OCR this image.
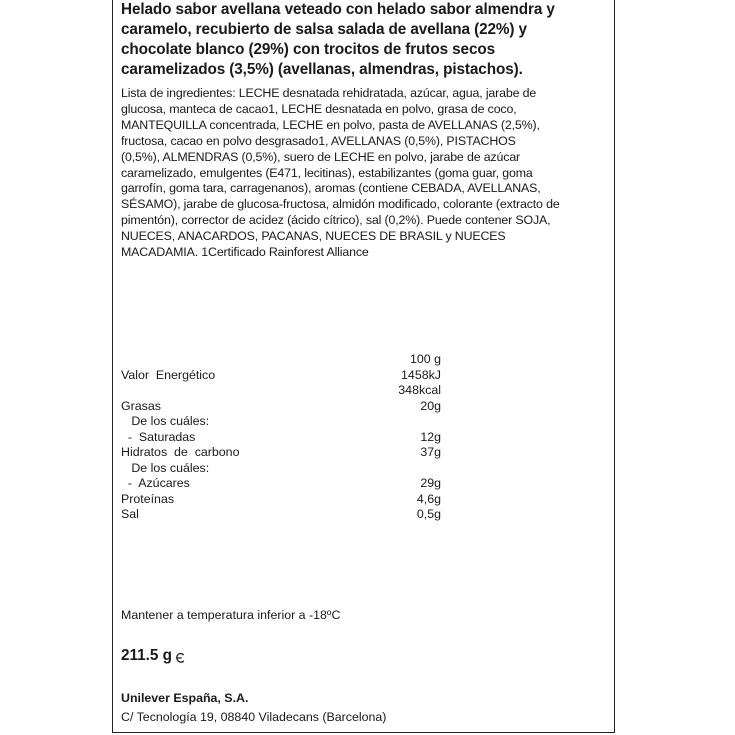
Helado sabor avellana veteado con helado sabor almendra y
caramelo, recubierto de salsa salada de avellana (22%) y
chocolate blanco (29%) con trocitos de frutos secos
caramelizados (3,5%) (avellanas, almendras, pistachos).
Lista de ingredientes: LECHE desnatada rehidratada, azúcar, agua, jarabe de
glucosa, manteca de cacao1, LECHE desnatada en polvo, grasa de coco,
MANTEQUILLA concentrada, LECHE en polvo, pasta de AVELLANAS (2,5%),
fructosa, cacao en polvo desgrasado1, AVELLANAS (0,5%), PISTACHOS
(0,5%), ALMENDRAS (0,5%), suero de LECHE en polvo, jarabe de azúcar
caramelizado, emulgentes (E471, lecitinas), estabilizantes (goma guar, goma
garrofín, goma tara, carragenanos), aromas (contiene CEBADA, AVELLANAS,
SÉSAMO), jarabe de glucosa-fructosa, almidón modificado, colorante (extracto de
pimentón), corrector de acidez (ácido cítrico), sal (0,2%). Puede contener SOJA,
NUECES, ANACARDOS, PACANAS, NUECES DE BRASIL y NUECES
MACADAMIA. 1Certificado Rainforest Alliance
100 g
Valor  Energético	1458kJ
348kcal
Grasas	20g
De los cuáles:
-  Saturadas	12g
Hidratos  de  carbono	37g
De los cuáles:
-  Azúcares	29g
Proteínas	4,6g
Sal	0,5g
Mantener a temperatura inferior a -18ºC
211.5 g
Unilever España, S.A.
C/ Tecnología 19, 08840 Viladecans (Barcelona)
